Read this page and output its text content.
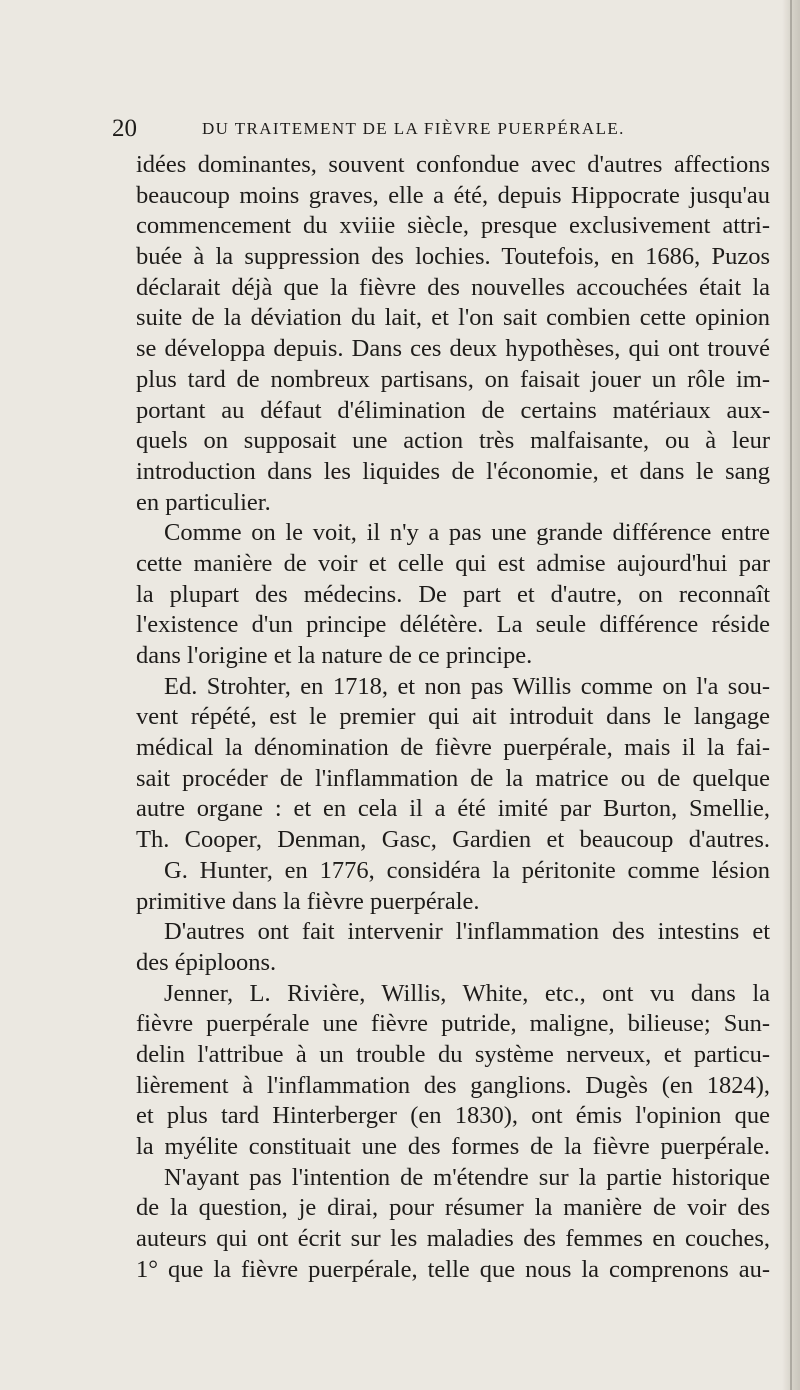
20	DU TRAITEMENT DE LA FIÈVRE PUERPÉRALE.
idées dominantes, souvent confondue avec d'autres affections
beaucoup moins graves, elle a été, depuis Hippocrate jusqu'au
commencement du xviiie siècle, presque exclusivement attri-
buée à la suppression des lochies. Toutefois, en 1686, Puzos
déclarait déjà que la fièvre des nouvelles accouchées était la
suite de la déviation du lait, et l'on sait combien cette opinion
se développa depuis. Dans ces deux hypothèses, qui ont trouvé
plus tard de nombreux partisans, on faisait jouer un rôle im-
portant au défaut d'élimination de certains matériaux aux-
quels on supposait une action très malfaisante, ou à leur
introduction dans les liquides de l'économie, et dans le sang
en particulier.
Comme on le voit, il n'y a pas une grande différence entre
cette manière de voir et celle qui est admise aujourd'hui par
la plupart des médecins. De part et d'autre, on reconnaît
l'existence d'un principe délétère. La seule différence réside
dans l'origine et la nature de ce principe.
Ed. Strohter, en 1718, et non pas Willis comme on l'a sou-
vent répété, est le premier qui ait introduit dans le langage
médical la dénomination de fièvre puerpérale, mais il la fai-
sait procéder de l'inflammation de la matrice ou de quelque
autre organe : et en cela il a été imité par Burton, Smellie,
Th. Cooper, Denman, Gasc, Gardien et beaucoup d'autres.
G. Hunter, en 1776, considéra la péritonite comme lésion
primitive dans la fièvre puerpérale.
D'autres ont fait intervenir l'inflammation des intestins et
des épiploons.
Jenner, L. Rivière, Willis, White, etc., ont vu dans la
fièvre puerpérale une fièvre putride, maligne, bilieuse; Sun-
delin l'attribue à un trouble du système nerveux, et particu-
lièrement à l'inflammation des ganglions. Dugès (en 1824),
et plus tard Hinterberger (en 1830), ont émis l'opinion que
la myélite constituait une des formes de la fièvre puerpérale.
N'ayant pas l'intention de m'étendre sur la partie historique
de la question, je dirai, pour résumer la manière de voir des
auteurs qui ont écrit sur les maladies des femmes en couches,
1° que la fièvre puerpérale, telle que nous la comprenons au-
